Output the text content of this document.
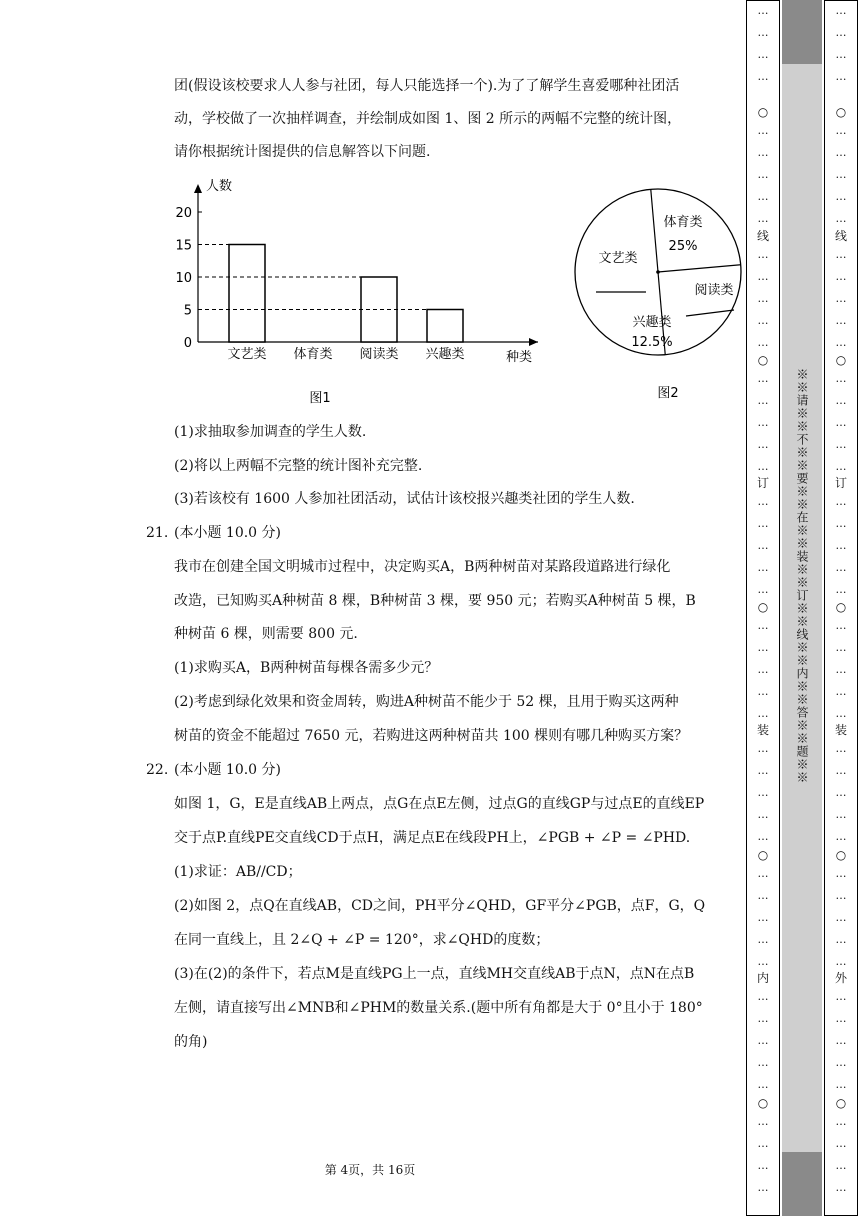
团(假设该校要求人人参与社团，每人只能选择一个).为了了解学生喜爱哪种社团活
动，学校做了一次抽样调查，并绘制成如图 1、图 2 所示的两幅不完整的统计图，
请你根据统计图提供的信息解答以下问题.
人数
种类
0
5
10
15
20
文艺类 体育类 阅读类 兴趣类
图1
文艺类
体育类
25%
阅读类
兴趣类
12.5%
图2
(1)求抽取参加调查的学生人数.
(2)将以上两幅不完整的统计图补充完整.
(3)若该校有 1600 人参加社团活动，试估计该校报兴趣类社团的学生人数.
21. (本小题 10.0 分)
我市在创建全国文明城市过程中，决定购买A，B两种树苗对某路段道路进行绿化
改造，已知购买A种树苗 8 棵，B种树苗 3 棵，要 950 元；若购买A种树苗 5 棵，B
种树苗 6 棵，则需要 800 元.
(1)求购买A，B两种树苗每棵各需多少元？
(2)考虑到绿化效果和资金周转，购进A种树苗不能少于 52 棵，且用于购买这两种
树苗的资金不能超过 7650 元，若购进这两种树苗共 100 棵则有哪几种购买方案？
22. (本小题 10.0 分)
如图 1，G，E是直线AB上两点，点G在点E左侧，过点G的直线GP与过点E的直线EP
交于点P.直线PE交直线CD于点H，满足点E在线段PH上，∠PGB + ∠P = ∠PHD.
(1)求证：AB//CD；
(2)如图 2，点Q在直线AB，CD之间，PH平分∠QHD，GF平分∠PGB，点F，G，Q
在同一直线上，且 2∠Q + ∠P = 120°，求∠QHD的度数；
(3)在(2)的条件下，若点M是直线PG上一点，直线MH交直线AB于点N，点N在点B
左侧，请直接写出∠MNB和∠PHM的数量关系.(题中所有角都是大于 0°且小于 180°
的角)
第 4页，共 16页
…
…
…
…
○
…
…
…
…
…
线
…
…
…
…
…
○
…
…
…
…
…
订
…
…
…
…
…
○
…
…
…
…
…
装
…
…
…
…
…
○
…
…
…
…
…
内
…
…
…
…
…
○
…
…
…
…
※※请※※不※※要※※在※※装※※订※※线※※内※※答※※题※※
…
…
…
…
○
…
…
…
…
…
线
…
…
…
…
…
○
…
…
…
…
…
订
…
…
…
…
…
○
…
…
…
…
…
装
…
…
…
…
…
○
…
…
…
…
…
外
…
…
…
…
…
○
…
…
…
…
